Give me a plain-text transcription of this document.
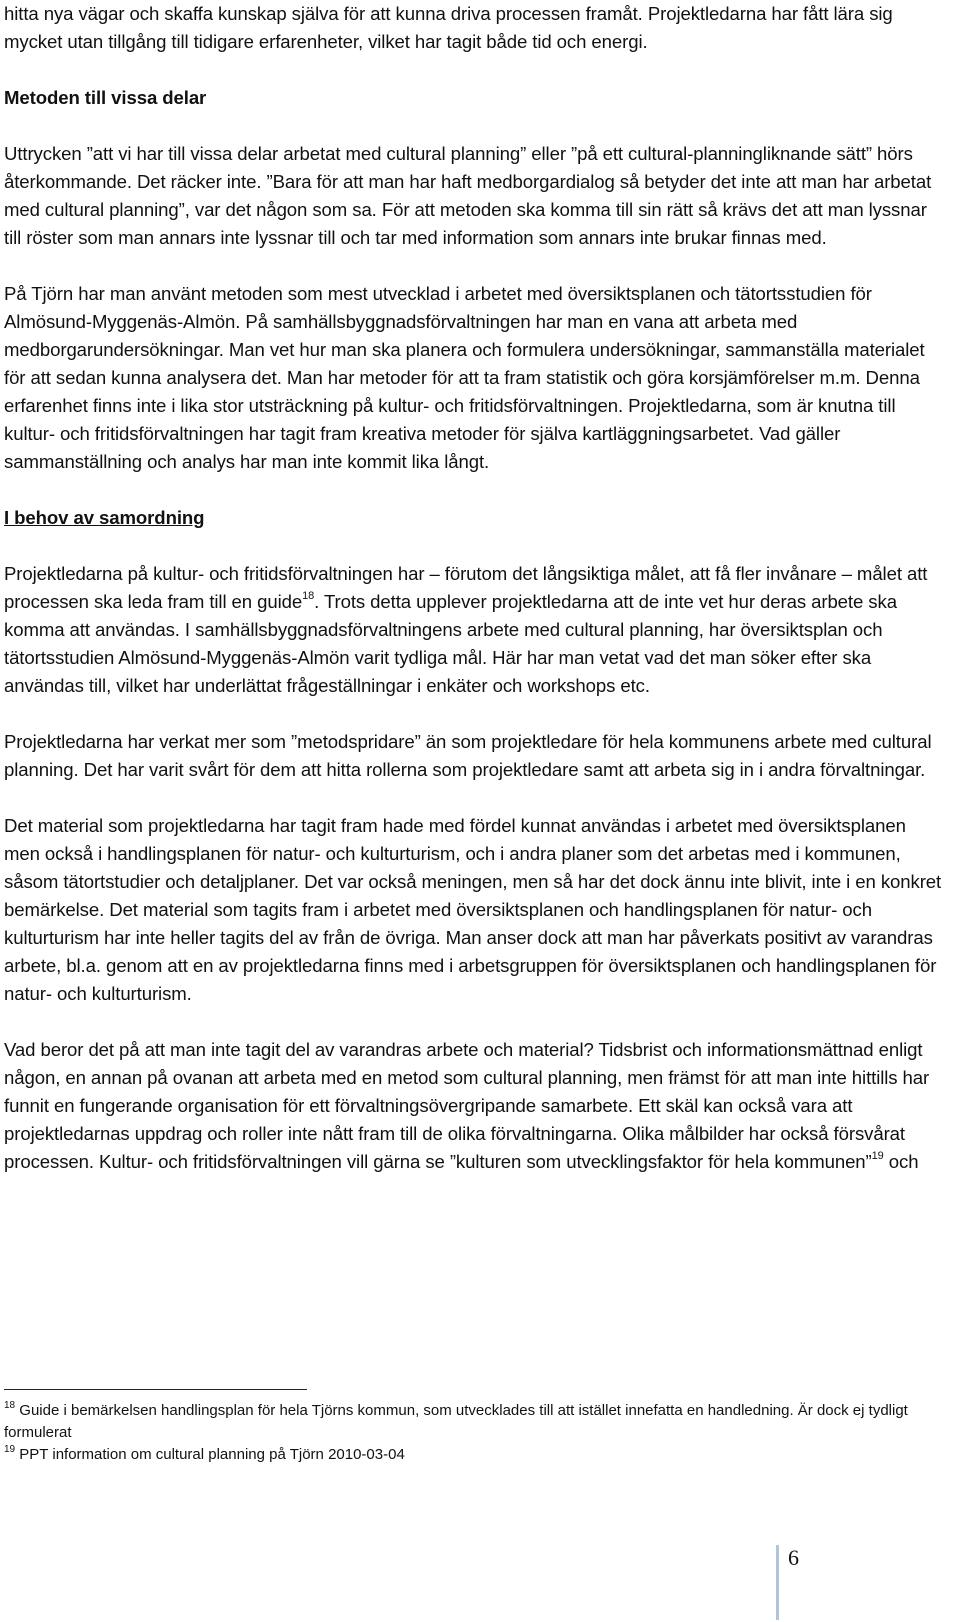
hitta nya vägar och skaffa kunskap själva för att kunna driva processen framåt. Projektledarna har fått lära sig mycket utan tillgång till tidigare erfarenheter, vilket har tagit både tid och energi.

Metoden till vissa delar

Uttrycken ”att vi har till vissa delar arbetat med cultural planning” eller ”på ett cultural-planningliknande sätt” hörs återkommande. Det räcker inte. ”Bara för att man har haft medborgardialog så betyder det inte att man har arbetat med cultural planning”, var det någon som sa. För att metoden ska komma till sin rätt så krävs det att man lyssnar till röster som man annars inte lyssnar till och tar med information som annars inte brukar finnas med.

På Tjörn har man använt metoden som mest utvecklad i arbetet med översiktsplanen och tätortsstudien för Almösund-Myggenäs-Almön. På samhällsbyggnadsförvaltningen har man en vana att arbeta med medborgarundersökningar. Man vet hur man ska planera och formulera undersökningar, sammanställa materialet för att sedan kunna analysera det. Man har metoder för att ta fram statistik och göra korsjämförelser m.m. Denna erfarenhet finns inte i lika stor utsträckning på kultur- och fritidsförvaltningen. Projektledarna, som är knutna till kultur- och fritidsförvaltningen har tagit fram kreativa metoder för själva kartläggningsarbetet. Vad gäller sammanställning och analys har man inte kommit lika långt.

I behov av samordning

Projektledarna på kultur- och fritidsförvaltningen har – förutom det långsiktiga målet, att få fler invånare – målet att processen ska leda fram till en guide$^{18}$. Trots detta upplever projektledarna att de inte vet hur deras arbete ska komma att användas. I samhällsbyggnadsförvaltningens arbete med cultural planning, har översiktsplan och tätortsstudien Almösund-Myggenäs-Almön varit tydliga mål. Här har man vetat vad det man söker efter ska användas till, vilket har underlättat frågeställningar i enkäter och workshops etc.

Projektledarna har verkat mer som ”metodspridare” än som projektledare för hela kommunens arbete med cultural planning. Det har varit svårt för dem att hitta rollerna som projektledare samt att arbeta sig in i andra förvaltningar.

Det material som projektledarna har tagit fram hade med fördel kunnat användas i arbetet med översiktsplanen men också i handlingsplanen för natur- och kulturturism, och i andra planer som det arbetas med i kommunen, såsom tätortstudier och detaljplaner. Det var också meningen, men så har det dock ännu inte blivit, inte i en konkret bemärkelse. Det material som tagits fram i arbetet med översiktsplanen och handlingsplanen för natur- och kulturturism har inte heller tagits del av från de övriga. Man anser dock att man har påverkats positivt av varandras arbete, bl.a. genom att en av projektledarna finns med i arbetsgruppen för översiktsplanen och handlingsplanen för natur- och kulturturism.

Vad beror det på att man inte tagit del av varandras arbete och material? Tidsbrist och informationsmättnad enligt någon, en annan på ovanan att arbeta med en metod som cultural planning, men främst för att man inte hittills har funnit en fungerande organisation för ett förvaltningsövergripande samarbete. Ett skäl kan också vara att projektledarnas uppdrag och roller inte nått fram till de olika förvaltningarna. Olika målbilder har också försvårat processen. Kultur- och fritidsförvaltningen vill gärna se ”kulturen som utvecklingsfaktor för hela kommunen”$^{19}$ och

$^{18}$ Guide i bemärkelsen handlingsplan för hela Tjörns kommun, som utvecklades till att istället innefatta en handledning. Är dock ej tydligt formulerat

$^{19}$ PPT information om cultural planning på Tjörn 2010-03-04

6
